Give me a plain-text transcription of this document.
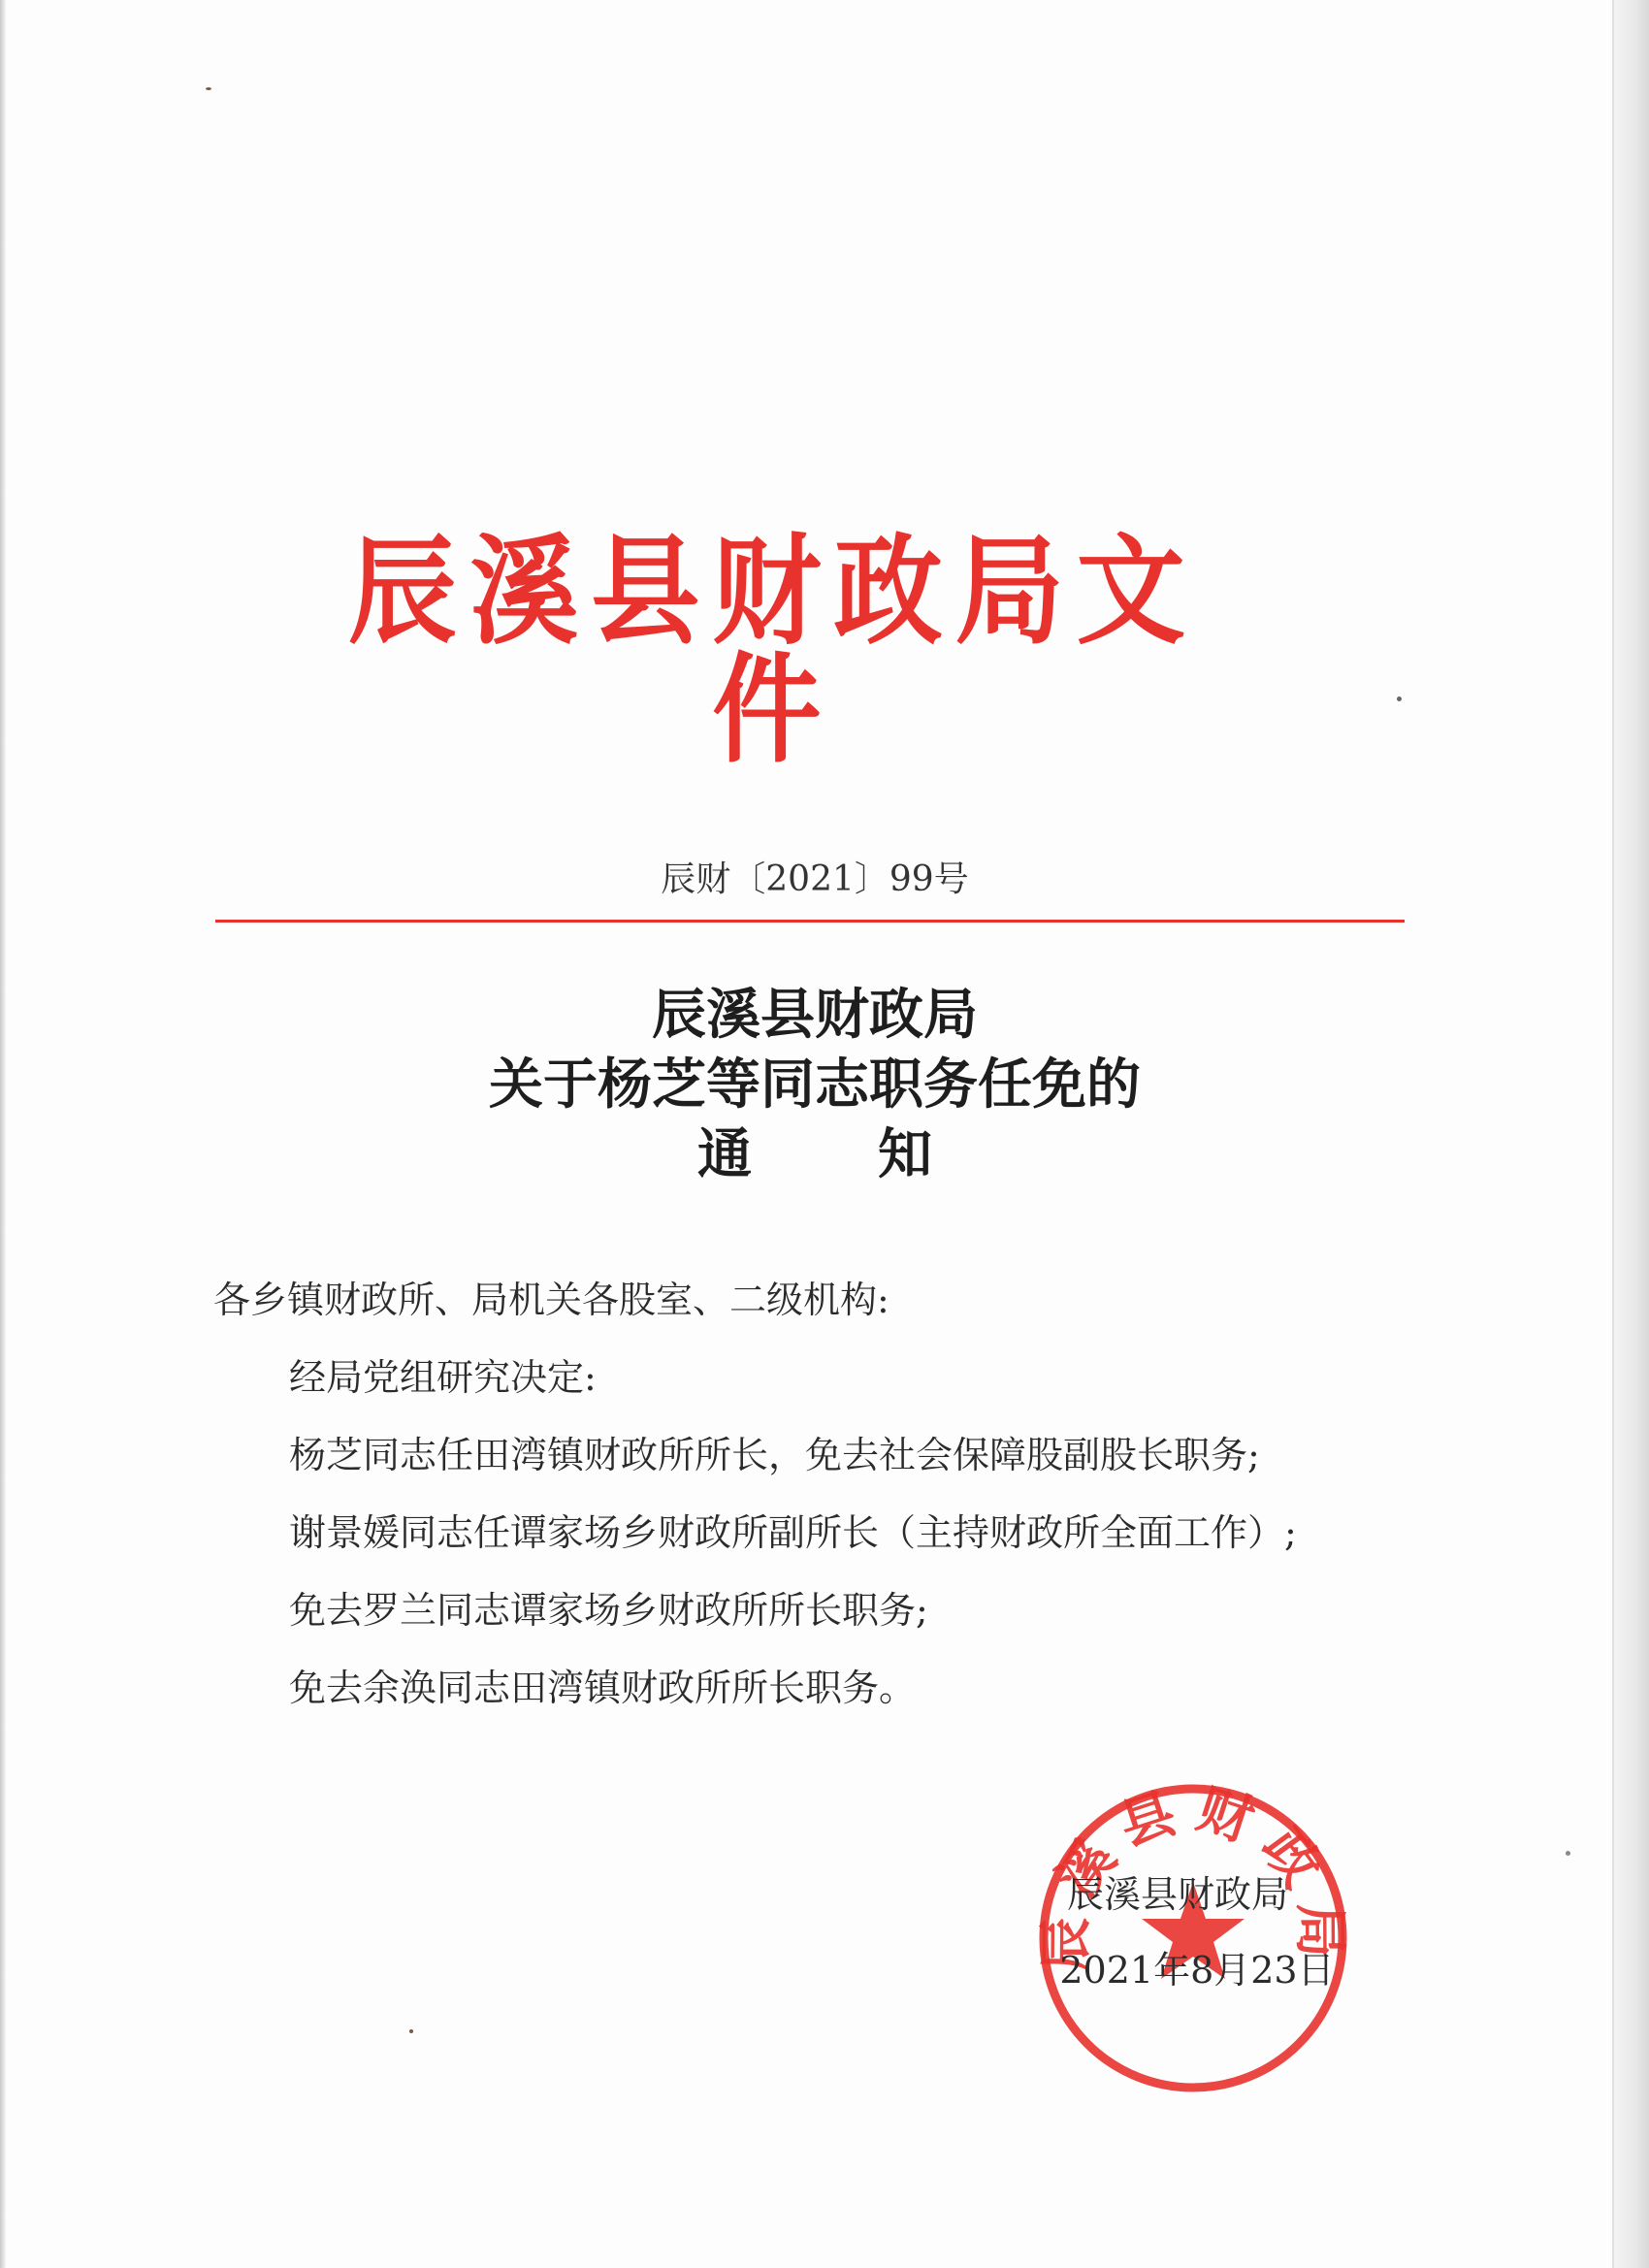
辰溪县财政局文件
辰财〔2021〕99号
辰溪县财政局
关于杨芝等同志职务任免的
通知
各乡镇财政所、局机关各股室、二级机构:
经局党组研究决定:
杨芝同志任田湾镇财政所所长，免去社会保障股副股长职务;
谢景媛同志任谭家场乡财政所副所长（主持财政所全面工作）;
免去罗兰同志谭家场乡财政所所长职务;
免去余涣同志田湾镇财政所所长职务。
辰溪县财政局
辰溪县财政局
2021年8月23日
